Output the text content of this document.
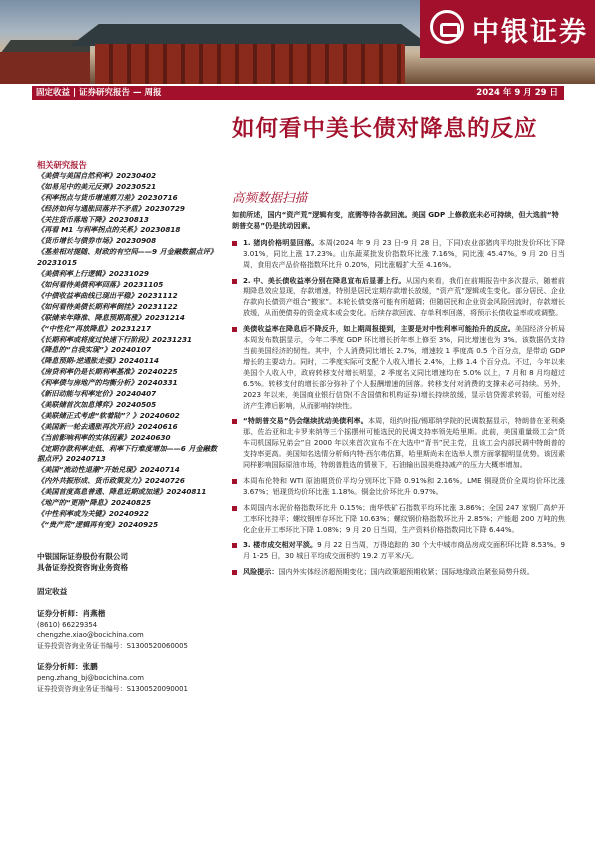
中银证券
固定收益 | 证券研究报告 — 周报	2024 年 9 月 29 日
如何看中美长债对降息的反应
高频数据扫描
相关研究报告
《美债与美国自然利率》20230402
《如易见中的美元反弹》20230521
《利率拐点与货币增速剪刀差》20230716
《经济如何与通胀回落并不矛盾》20230729
《关注货币落地下降》20230813
《再看 M1 与利率拐点的关系》20230818
《货币增长与债券市场》20230908
《基差相对提随、财政的有空间——9 月金融数据点评》20231015
《美债利率上行逻辑》20231029
《如何看待美债利率回落》20231105
《中债收益率曲线已现出平稳》20231112
《如何看待美债长期利率倒挂》20231122
《联储来年降准、降息预期高涨》20231214
《“中性化”再放降息》20231217
《长期利率或将度过快速下行阶段》20231231
《降息的“自我实现”》20240107
《降息预期-逆通胀走强》20240114
《房贷利率仍是长期利率基准》20240225
《利率债与房地产的均衡分析》20240331
《新旧动能与利率定价》20240407
《美联储首次加息博弈》20240505
《美联储正式考虑“软着陆”？》20240602
《美国新一轮去通胀再次开启》20240616
《当前影响利率的实体因素》20240630
《定期存款利率走低、利率下行难度增加——6 月金融数据点评》20240713
《美国“流动性退潮”开始兑现》20240714
《内外共振形成、货币政策发力》20240726
《美国首度高息普通、降息近期或加速》20240811
《地产的“更刚”降息》20240825
《中性利率或为关键》20240922
《“贵产荒”逻辑再有变》20240925
中银国际证券股份有限公司
具备证券投资咨询业务资格
固定收益
证券分析师：肖燕楷
(8610) 66229354
chengzhe.xiao@bocichina.com
证券投资咨询业务证书编号：S1300520060005
证券分析师：张鹏
peng.zhang_bj@bocichina.com
证券投资咨询业务证书编号：S1300520090001
如前所述，国内“资产荒”逻辑有变，底需等待各款回流。美国 GDP 上修救底未必可持续，但大选前“特朗普交易”仍是扰动因素。
1. 猪肉价格明显回落。本周(2024 年 9 月 23 日-9 月 28 日，下同)农业部猪肉平均批发价环比下降 3.01%，同比上涨 17.23%。山东蔬菜批发价指数环比涨 7.16%，同比涨 45.47%。9 月 20 日当周，食用农产品价格指数环比升 0.20%，同比涨幅扩大至 4.16%。
2. 中、美长债收益率分别在降息宣布后显著上行。从国内来看，我们在前期报告中多次提示，随着前期降息效应显现，存款增速，特别是居民定期存款增长放缓，“资产荒”逻辑或生变化。部分居民、企业存款向长债资产组合“搬家”。本轮长债变落可能有所超调；但随居民和企业资金风险回流时，存款增长放缓，从而使债券的资金成本或会变化。后续存款回流、存单利率回落，将预示长债收益率或或调整。
美债收益率在降息后不降反升，如上期周报提到，主要是对中性利率可能抬升的反应。美国经济分析局本周发布数据显示，今年二季度 GDP 环比增长折年率上修至 3%，同比增速也为 3%。该数据仍支持当前美国经济的韧性。其中，个人消费同比增长 2.7%，增速较 1 季度高 0.5 个百分点，是带动 GDP 增长的主要动力。同时，二季度实际可支配个人收入增长 2.4%，上修 1.4 个百分点。不过，今年以来美国个人收入中，政府转移支付增长明显，2 季度名义同比增速均在 5.0% 以上，7 月和 8 月均超过 6.5%。转移支付的增长部分弥补了个人报酬增速的回落。转移支付对消费的支撑未必可持续。另外，2023 年以来，美国商业银行信贷(不含国债和机构证券)增长持续放缓，显示信贷需求转弱，可能对经济产生滞后影响，从而影响持续性。
“特朗普交易”仍会继续扰动美债利率。本周，纽约时报/锡耶纳学院的民调数据显示，特朗普在亚利桑那、佐治亚和北卡罗来纳等三个摇摆州可能选民的民调支持率领先哈里斯。此前，美国重量级工会“货车司机国际兄弟会”自 2000 年以来首次宣布不在大选中“背书”民主党，且该工会内部民调中特朗普的支持率更高。美国知名选情分析师内特·西尔弗估算，哈里斯尚未在选举人票方面掌握明显优势。该因素同样影响国际原油市场，特朗普胜选的情景下，石油输出国美维持减产的压力大概率增加。
本周布伦特和 WTI 原油期货价平均分别环比下降 0.91%和 2.16%。LME 铜现货价全周均价环比涨 3.67%；铝现货均价环比涨 1.18%。铜金比价环比升 0.97%。
本周国内水泥价格指数环比升 0.15%；南华铁矿石指数平均环比涨 3.86%；全国 247 家钢厂高炉开工率环比持平；螺纹钢库存环比下降 10.63%；螺纹钢价格指数环比升 2.85%；产能超 200 万吨的焦化企业开工率环比下降 1.08%；9 月 20 日当周，生产资料价格指数同比下降 6.44%。
3. 楼市成交相对平淡。9 月 22 日当周，万得追踪的 30 个大中城市商品房成交面积环比降 8.53%。9 月 1-25 日，30 城日平均成交面积约 19.2 万平米/天。
风险提示：国内外实体经济超预期变化；国内政策超预期收紧；国际地缘政治紧张局势升级。
